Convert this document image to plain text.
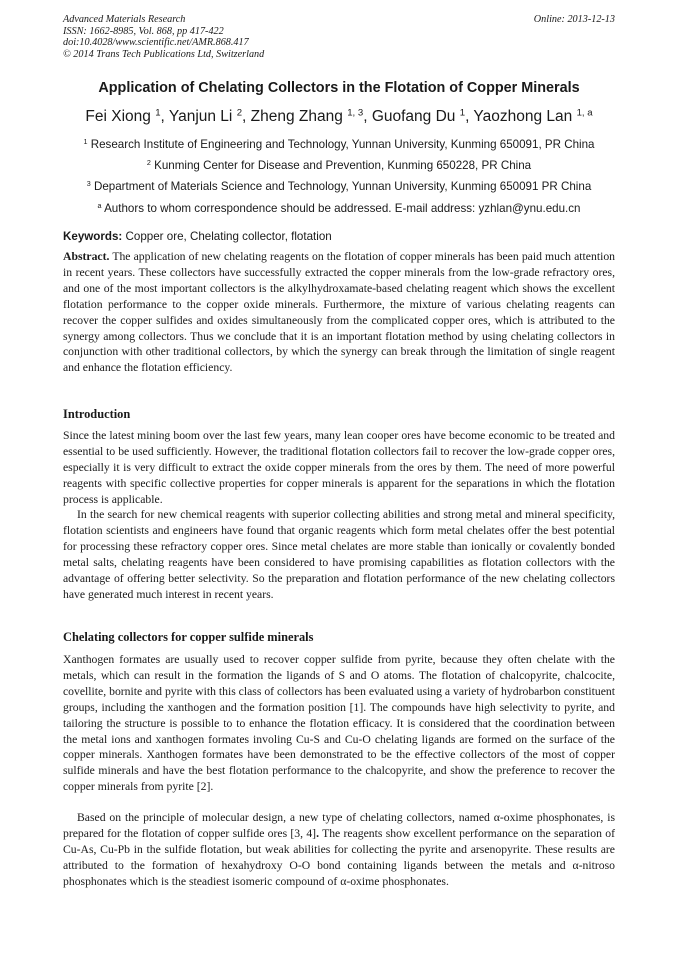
Advanced Materials Research
ISSN: 1662-8985, Vol. 868, pp 417-422
doi:10.4028/www.scientific.net/AMR.868.417
© 2014 Trans Tech Publications Ltd, Switzerland
Online: 2013-12-13
Application of Chelating Collectors in the Flotation of Copper Minerals
Fei Xiong $^1$, Yanjun Li $^2$, Zheng Zhang $^{1, 3}$, Guofang Du $^1$, Yaozhong Lan $^{1, a}$
$^1$ Research Institute of Engineering and Technology, Yunnan University, Kunming 650091, PR China
$^2$ Kunming Center for Disease and Prevention, Kunming 650228, PR China
$^3$ Department of Materials Science and Technology, Yunnan University, Kunming 650091 PR China
$^a$ Authors to whom correspondence should be addressed. E-mail address: yzhlan@ynu.edu.cn
Keywords: Copper ore, Chelating collector, flotation

Abstract. The application of new chelating reagents on the flotation of copper minerals has been paid much attention in recent years. These collectors have successfully extracted the copper minerals from the low-grade refractory ores, and one of the most important collectors is the alkylhydroxamate-based chelating reagent which shows the excellent flotation performance to the copper oxide minerals. Furthermore, the mixture of various chelating reagents can recover the copper sulfides and oxides simultaneously from the complicated copper ores, which is attributed to the synergy among collectors. Thus we conclude that it is an important flotation method by using chelating collectors in conjunction with other traditional collectors, by which the synergy can break through the limitation of single reagent and enhance the flotation efficiency.

Introduction

Since the latest mining boom over the last few years, many lean cooper ores have become economic to be treated and essential to be used sufficiently. However, the traditional flotation collectors fail to recover the low-grade copper ores, especially it is very difficult to extract the oxide copper minerals from the ores by them. The need of more powerful reagents with specific collective properties for copper minerals is apparent for the separations in which the flotation process is applicable.

In the search for new chemical reagents with superior collecting abilities and strong metal and mineral specificity, flotation scientists and engineers have found that organic reagents which form metal chelates offer the best potential for processing these refractory copper ores. Since metal chelates are more stable than ionically or covalently bonded metal salts, chelating reagents have been considered to have promising capabilities as flotation collectors with the advantage of offering better selectivity. So the preparation and flotation performance of the new chelating collectors have generated much interest in recent years.

Chelating collectors for copper sulfide minerals

Xanthogen formates are usually used to recover copper sulfide from pyrite, because they often chelate with the metals, which can result in the formation the ligands of S and O atoms. The flotation of chalcopyrite, chalcocite, covellite, bornite and pyrite with this class of collectors has been evaluated using a variety of hydrobarbon constituent groups, including the xanthogen and the formation position [1]. The compounds have high selectivity to pyrite, and tailoring the structure is possible to to enhance the flotation efficacy. It is considered that the coordination between the metal ions and xanthogen formates involing Cu-S and Cu-O chelating ligands are formed on the surface of the copper minerals. Xanthogen formates have been demonstrated to be the effective collectors of the most of copper sulfide minerals and have the best flotation performance to the chalcopyrite, and show the preference to recover the copper minerals from pyrite [2].

Based on the principle of molecular design, a new type of chelating collectors, named α-oxime phosphonates, is prepared for the flotation of copper sulfide ores [3, 4]. The reagents show excellent performance on the separation of Cu-As, Cu-Pb in the sulfide flotation, but weak abilities for collecting the pyrite and arsenopyrite. These results are attributed to the formation of hexahydroxy O-O bond containing ligands between the metals and α-nitroso phosphonates which is the steadiest isomeric compound of α-oxime phosphonates.
